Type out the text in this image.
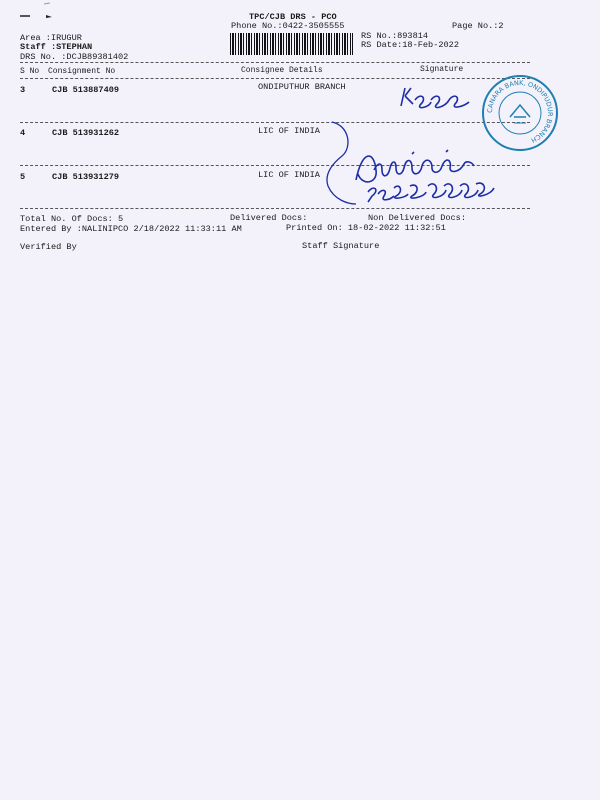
TPC/CJB DRS - PCO
Phone No.:0422-3505555	Page No.:2
RS No.:893814
RS Date:18-Feb-2022
Area :IRUGUR
Staff :STEPHAN
DRS No. :DCJB89381402
S No Consignment No	Consignee Details	Signature
3	CJB 513887409	ONDIPUTHUR BRANCH
4	CJB 513931262	LIC OF INDIA
5	CJB 513931279	LIC OF INDIA
Total No. Of Docs: 5	Delivered Docs:	Non Delivered Docs:
Entered By :NALINIPCO 2/18/2022 11:33:11 AM	Printed On: 18-02-2022 11:32:51
Verified By	Staff Signature
CANARA BANK, ONDIPUDUR BRANCH
